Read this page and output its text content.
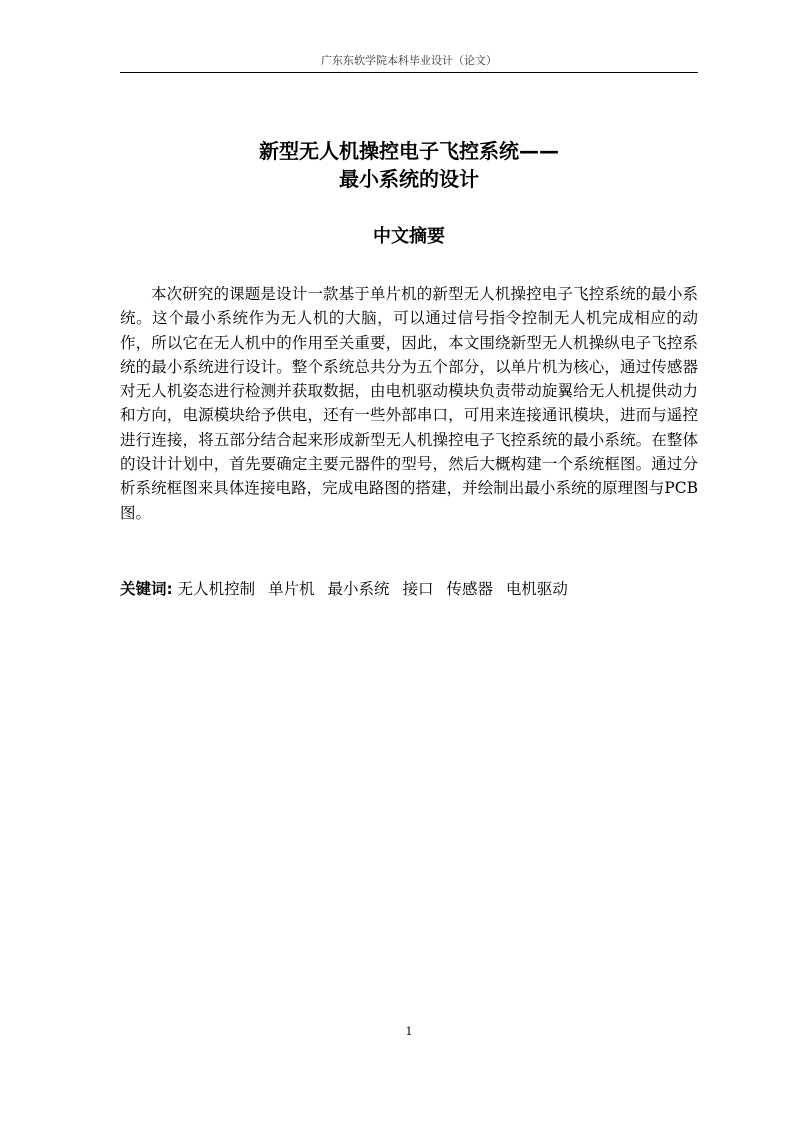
广东东软学院本科毕业设计（论文）
新型无人机操控电子飞控系统——
最小系统的设计
中文摘要

本次研究的课题是设计一款基于单片机的新型无人机操控电子飞控系统的最小系统。这个最小系统作为无人机的大脑，可以通过信号指令控制无人机完成相应的动作，所以它在无人机中的作用至关重要，因此，本文围绕新型无人机操纵电子飞控系统的最小系统进行设计。整个系统总共分为五个部分，以单片机为核心，通过传感器对无人机姿态进行检测并获取数据，由电机驱动模块负责带动旋翼给无人机提供动力和方向，电源模块给予供电，还有一些外部串口，可用来连接通讯模块，进而与遥控进行连接，将五部分结合起来形成新型无人机操控电子飞控系统的最小系统。在整体的设计计划中，首先要确定主要元器件的型号，然后大概构建一个系统框图。通过分析系统框图来具体连接电路，完成电路图的搭建，并绘制出最小系统的原理图与PCB图。

关键词: 无人机控制 单片机 最小系统 接口 传感器 电机驱动
1
